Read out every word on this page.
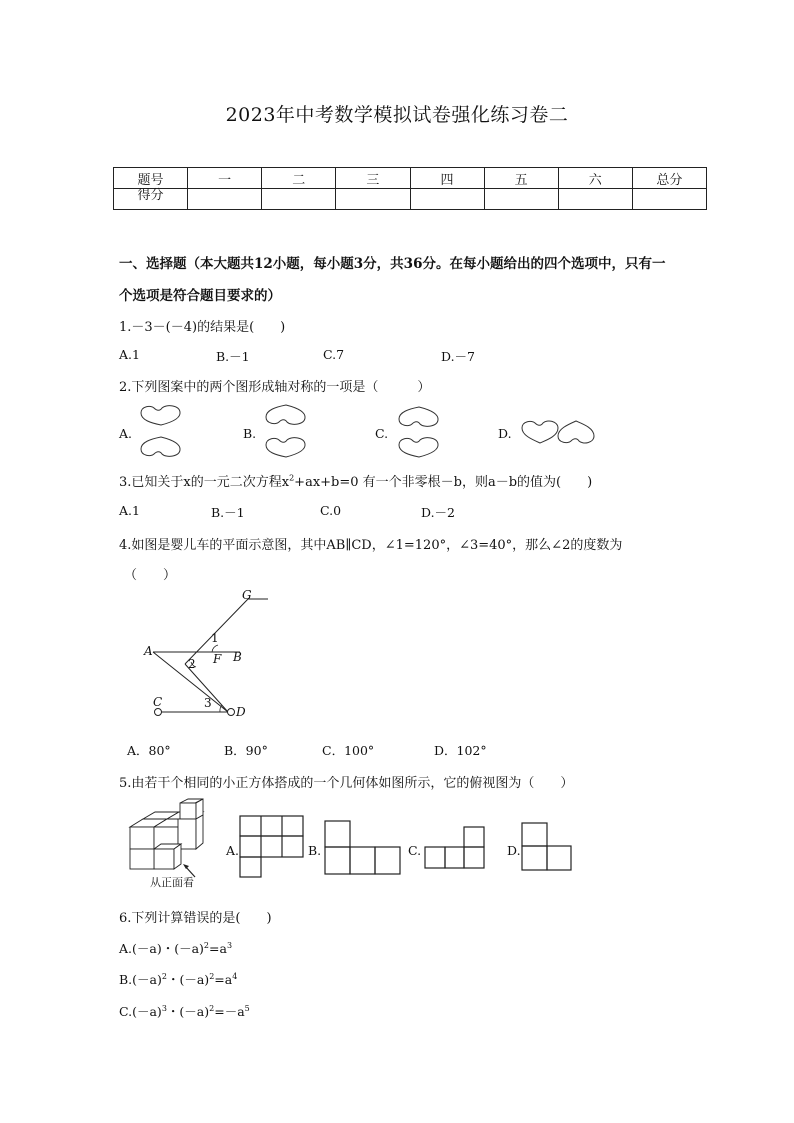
2023年中考数学模拟试卷强化练习卷二
题号	一	二	三	四	五	六	总分
得分							
一、选择题（本大题共12小题，每小题3分，共36分。在每小题给出的四个选项中，只有一
个选项是符合题目要求的）
1.－3－(－4)的结果是(　　)
A.1	B.－1	C.7	D.－7
2.下列图案中的两个图形成轴对称的一项是（　　　）
A.	B.	C.	D.
3.已知关于x的一元二次方程$x^2+ax+b=0$ 有一个非零根－b，则a－b的值为(　　)
A.1	B.－1	C.0	D.－2
4.如图是婴儿车的平面示意图，其中AB∥CD，∠1=120°，∠3=40°，那么∠2的度数为
（　　）
G
1
A	B
F
2
C	3
D
A．80°	B．90°	C．100°	D．102°
5.由若干个相同的小正方体搭成的一个几何体如图所示，它的俯视图为（　　）
从正面看
A.	B.	C.	D.
6.下列计算错误的是(　　)
A.(－a)・$(-a)^2=a^3$
$B.(-a)^2$・$(-a)^2=a^4$
$C.(-a)^3$・$(-a)^2=-a^5$
